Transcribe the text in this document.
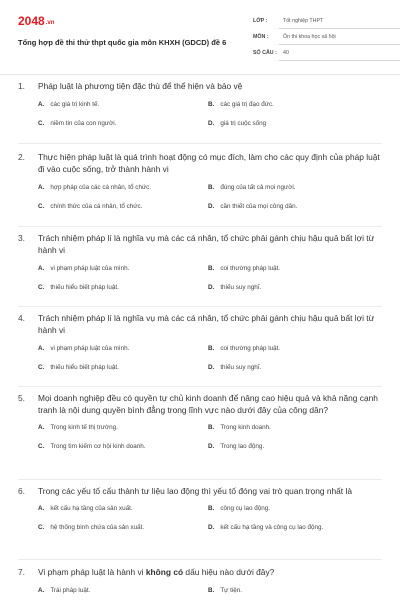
2048.vn
Tổng hợp đề thi thử thpt quốc gia môn KHXH (GDCD) đề 6
LỚP :	Tốt nghiệp THPT
MÔN :	Ôn thi khoa học xã hội
SỐ CÂU :	40
1.	Pháp luật là phương tiện đặc thù để thể hiện và bảo vệ
A. các giá trị kinh tế.	B. các giá trị đạo đức.
C. niềm tin của con người.	D. giá trị cuộc sống
2.	Thực hiện pháp luật là quá trình hoạt động có mục đích, làm cho các quy định của pháp luật đi vào cuộc sống, trở thành hành vi
A. hợp pháp của các cá nhân, tổ chức.	B. đúng của tất cả mọi người.
C. chính thức của cá nhân, tổ chức.	D. cần thiết của mọi công dân.
3.	Trách nhiệm pháp lí là nghĩa vụ mà các cá nhân, tổ chức phải gánh chịu hậu quả bất lợi từ hành vi
A. vi phạm pháp luật của mình.	B. coi thường pháp luật.
C. thiếu hiểu biết pháp luật.	D. thiếu suy nghĩ.
4.	Trách nhiệm pháp lí là nghĩa vụ mà các cá nhân, tổ chức phải gánh chịu hậu quả bất lợi từ hành vi
A. vi phạm pháp luật của mình.	B. coi thường pháp luật.
C. thiếu hiểu biết pháp luật.	D. thiếu suy nghĩ.
5.	Mọi doanh nghiệp đều có quyền tự chủ kinh doanh để nâng cao hiệu quả và khả năng cạnh tranh là nội dung quyền bình đẳng trong lĩnh vực nào dưới đây của công dân?
A. Trong kinh tế thị trường.	B. Trong kinh doanh.
C. Trong tìm kiếm cơ hội kinh doanh.	D. Trong lao động.
6.	Trong các yếu tố cấu thành tư liệu lao động thì yếu tố đóng vai trò quan trọng nhất là
A. kết cấu hạ tầng của sản xuất.	B. công cụ lao động.
C. hệ thống bình chứa của sản xuất.	D. kết cấu hạ tầng và công cụ lao động.
7.	Vi phạm pháp luật là hành vi không có dấu hiệu nào dưới đây?
A. Trái pháp luật.	B. Tự tiện.
